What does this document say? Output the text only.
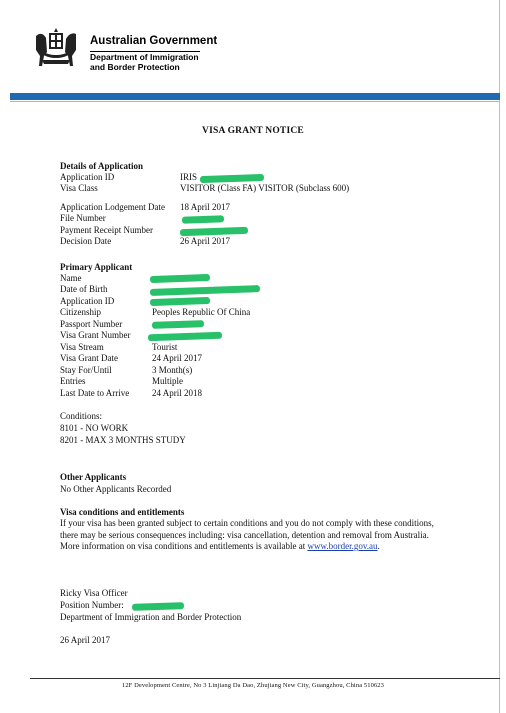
Australian Government
Department of Immigration
and Border Protection
VISA GRANT NOTICE
Details of Application
Application ID	IRIS
Visa Class	VISITOR (Class FA) VISITOR (Subclass 600)
Application Lodgement Date 18 April 2017
File Number
Payment Receipt Number
Decision Date	26 April 2017
Primary Applicant
Name
Date of Birth
Application ID
Citizenship	Peoples Republic Of China
Passport Number
Visa Grant Number
Visa Stream	Tourist
Visa Grant Date	24 April 2017
Stay For/Until	3 Month(s)
Entries	Multiple
Last Date to Arrive	24 April 2018
Conditions:
8101 - NO WORK
8201 - MAX 3 MONTHS STUDY
Other Applicants
No Other Applicants Recorded
Visa conditions and entitlements
If your visa has been granted subject to certain conditions and you do not comply with these conditions, there may be serious consequences including: visa cancellation, detention and removal from Australia. More information on visa conditions and entitlements is available at www.border.gov.au.
Ricky Visa Officer
Position Number:
Department of Immigration and Border Protection
26 April 2017
12F Development Centre, No 3 Linjiang Da Dao, Zhujiang New City, Guangzhou, China 510623
